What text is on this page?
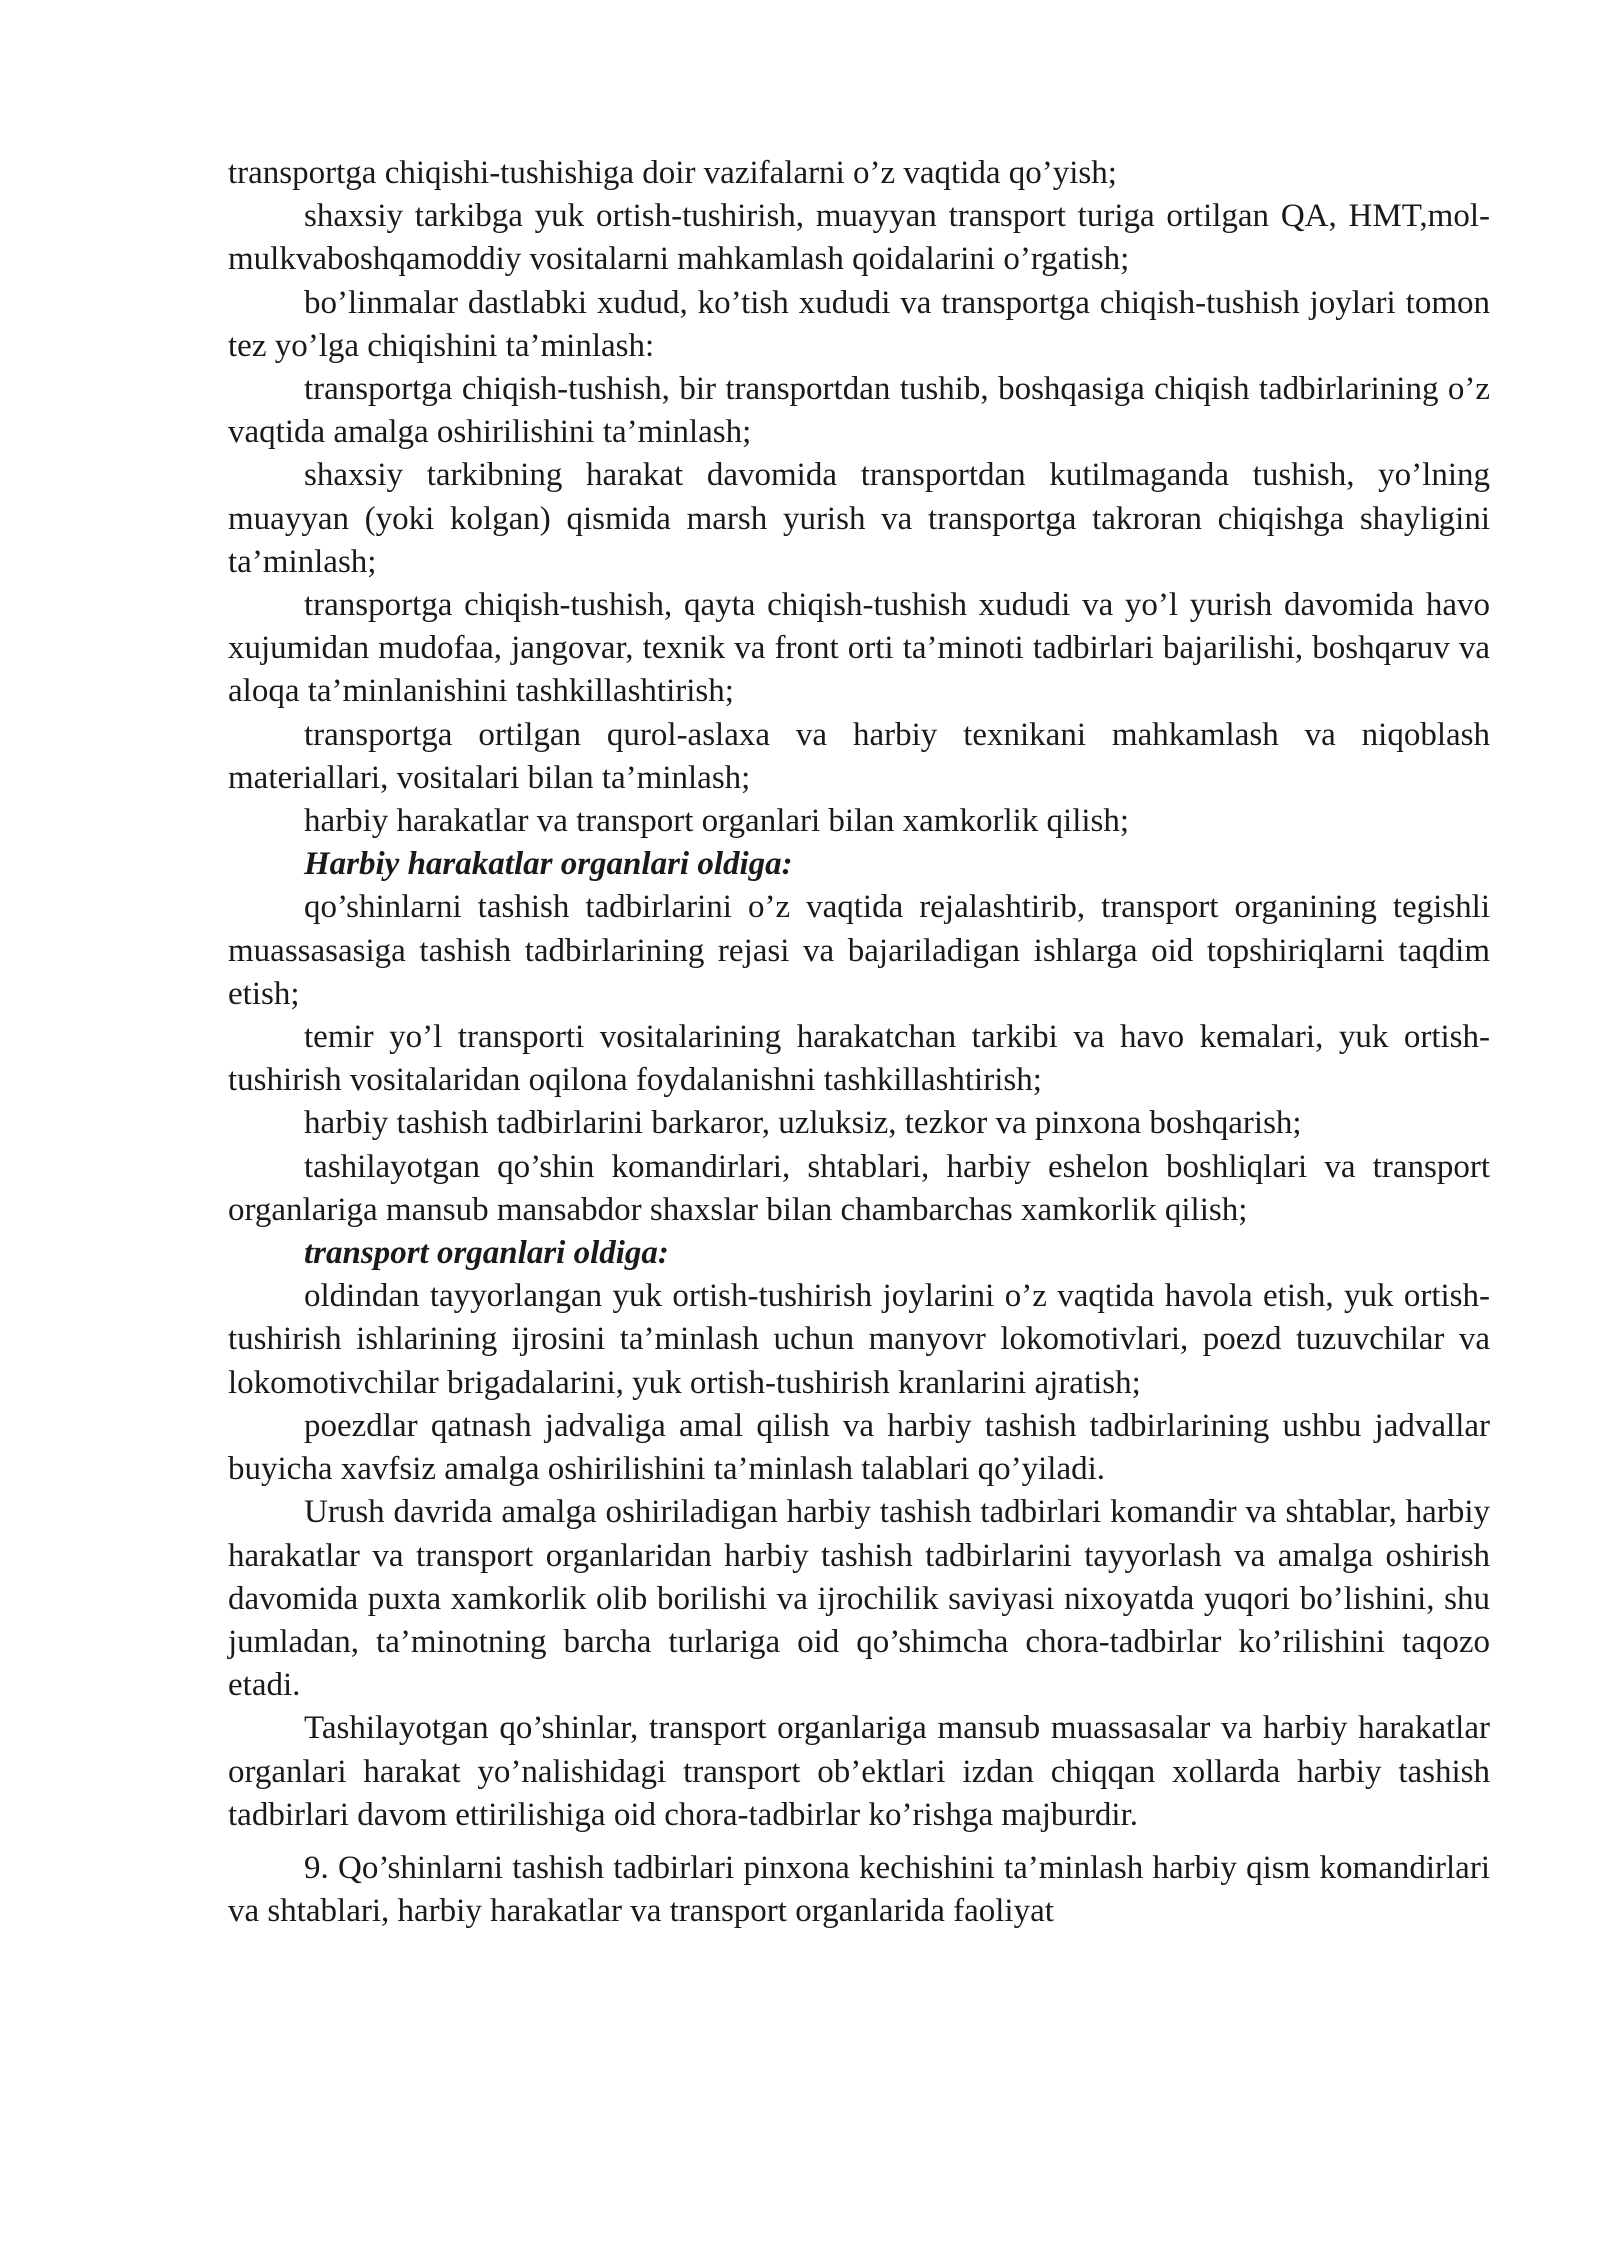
transportga chiqishi-tushishiga doir vazifalarni o’z vaqtida qo’yish;

shaxsiy tarkibga yuk ortish-tushirish, muayyan transport turiga ortilgan QA, HMT,mol-mulkvaboshqamoddiy vositalarni mahkamlash qoidalarini o’rgatish;

bo’linmalar dastlabki xudud, ko’tish xududi va transportga chiqish-tushish joylari tomon tez yo’lga chiqishini ta’minlash:

transportga chiqish-tushish, bir transportdan tushib, boshqasiga chiqish tadbirlarining o’z vaqtida amalga oshirilishini ta’minlash;

shaxsiy tarkibning harakat davomida transportdan kutilmaganda tushish, yo’lning muayyan (yoki kolgan) qismida marsh yurish va transportga takroran chiqishga shayligini ta’minlash;

transportga chiqish-tushish, qayta chiqish-tushish xududi va yo’l yurish davomida havo xujumidan mudofaa, jangovar, texnik va front orti ta’minoti tadbirlari bajarilishi, boshqaruv va aloqa ta’minlanishini tashkillashtirish;

transportga ortilgan qurol-aslaxa va harbiy texnikani mahkamlash va niqoblash materiallari, vositalari bilan ta’minlash;

harbiy harakatlar va transport organlari bilan xamkorlik qilish;

Harbiy harakatlar organlari oldiga:

qo’shinlarni tashish tadbirlarini o’z vaqtida rejalashtirib, transport organining tegishli muassasasiga tashish tadbirlarining rejasi va bajariladigan ishlarga oid topshiriqlarni taqdim etish;

temir yo’l transporti vositalarining harakatchan tarkibi va havo kemalari, yuk ortish-tushirish vositalaridan oqilona foydalanishni tashkillashtirish;

harbiy tashish tadbirlarini barkaror, uzluksiz, tezkor va pinxona boshqarish;

tashilayotgan qo’shin komandirlari, shtablari, harbiy eshelon boshliqlari va transport organlariga mansub mansabdor shaxslar bilan chambarchas xamkorlik qilish;

transport organlari oldiga:

oldindan tayyorlangan yuk ortish-tushirish joylarini o’z vaqtida havola etish, yuk ortish-tushirish ishlarining ijrosini ta’minlash uchun manyovr lokomotivlari, poezd tuzuvchilar va lokomotivchilar brigadalarini, yuk ortish-tushirish kranlarini ajratish;

poezdlar qatnash jadvaliga amal qilish va harbiy tashish tadbirlarining ushbu jadvallar buyicha xavfsiz amalga oshirilishini ta’minlash talablari qo’yiladi.

Urush davrida amalga oshiriladigan harbiy tashish tadbirlari komandir va shtablar, harbiy harakatlar va transport organlaridan harbiy tashish tadbirlarini tayyorlash va amalga oshirish davomida puxta xamkorlik olib borilishi va ijrochilik saviyasi nixoyatda yuqori bo’lishini, shu jumladan, ta’minotning barcha turlariga oid qo’shimcha chora-tadbirlar ko’rilishini taqozo etadi.

Tashilayotgan qo’shinlar, transport organlariga mansub muassasalar va harbiy harakatlar organlari harakat yo’nalishidagi transport ob’ektlari izdan chiqqan xollarda harbiy tashish tadbirlari davom ettirilishiga oid chora-tadbirlar ko’rishga majburdir.

9. Qo’shinlarni tashish tadbirlari pinxona kechishini ta’minlash harbiy qism komandirlari va shtablari, harbiy harakatlar va transport organlarida faoliyat
